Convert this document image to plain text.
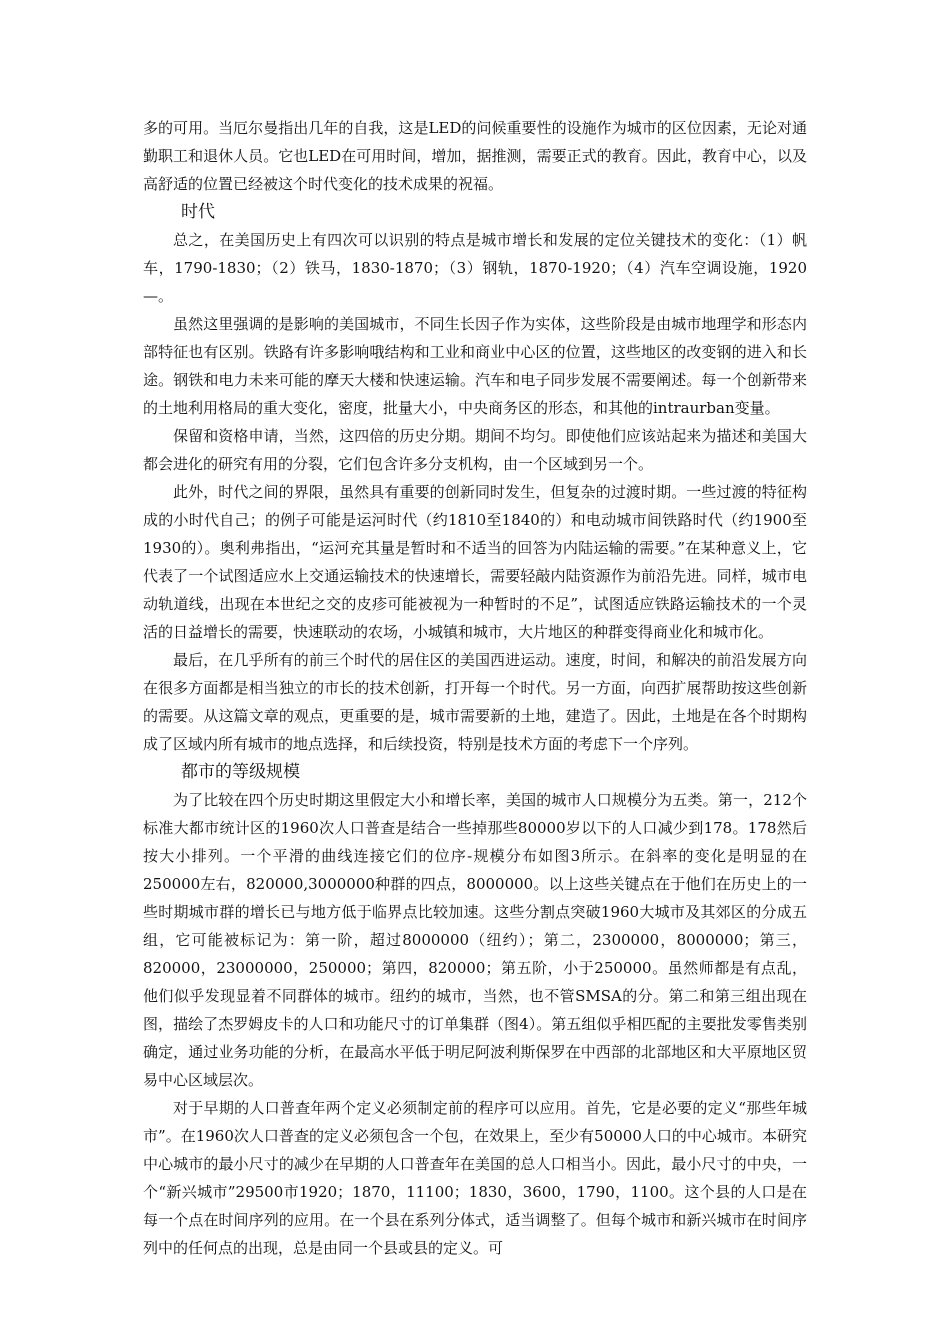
多的可用。当厄尔曼指出几年的自我，这是LED的问候重要性的设施作为城市的区位因素，无论对通勤职工和退休人员。它也LED在可用时间，增加，据推测，需要正式的教育。因此，教育中心，以及高舒适的位置已经被这个时代变化的技术成果的祝福。

时代

总之，在美国历史上有四次可以识别的特点是城市增长和发展的定位关键技术的变化：（1）帆车，1790-1830；（2）铁马，1830-1870；（3）钢轨，1870-1920；（4）汽车空调设施，1920—。

虽然这里强调的是影响的美国城市，不同生长因子作为实体，这些阶段是由城市地理学和形态内部特征也有区别。铁路有许多影响哦结构和工业和商业中心区的位置，这些地区的改变钢的进入和长途。钢铁和电力未来可能的摩天大楼和快速运输。汽车和电子同步发展不需要阐述。每一个创新带来的土地利用格局的重大变化，密度，批量大小，中央商务区的形态，和其他的intraurban变量。

保留和资格申请，当然，这四倍的历史分期。期间不均匀。即使他们应该站起来为描述和美国大都会进化的研究有用的分裂，它们包含许多分支机构，由一个区域到另一个。

此外，时代之间的界限，虽然具有重要的创新同时发生，但复杂的过渡时期。一些过渡的特征构成的小时代自己；的例子可能是运河时代（约1810至1840的）和电动城市间铁路时代（约1900至1930的）。奥利弗指出，“运河充其量是暂时和不适当的回答为内陆运输的需要。”在某种意义上，它代表了一个试图适应水上交通运输技术的快速增长，需要轻敲内陆资源作为前沿先进。同样，城市电动轨道线，出现在本世纪之交的皮疹可能被视为一种暂时的不足”，试图适应铁路运输技术的一个灵活的日益增长的需要，快速联动的农场，小城镇和城市，大片地区的种群变得商业化和城市化。

最后，在几乎所有的前三个时代的居住区的美国西进运动。速度，时间，和解决的前沿发展方向在很多方面都是相当独立的市长的技术创新，打开每一个时代。另一方面，向西扩展帮助按这些创新的需要。从这篇文章的观点，更重要的是，城市需要新的土地，建造了。因此，土地是在各个时期构成了区域内所有城市的地点选择，和后续投资，特别是技术方面的考虑下一个序列。

都市的等级规模

为了比较在四个历史时期这里假定大小和增长率，美国的城市人口规模分为五类。第一，212个标准大都市统计区的1960次人口普查是结合一些掉那些80000岁以下的人口减少到178。178然后按大小排列。一个平滑的曲线连接它们的位序-规模分布如图3所示。在斜率的变化是明显的在250000左右，820000,3000000种群的四点，8000000。以上这些关键点在于他们在历史上的一些时期城市群的增长已与地方低于临界点比较加速。这些分割点突破1960大城市及其郊区的分成五组，它可能被标记为：第一阶，超过8000000（纽约）；第二，2300000，8000000；第三，820000，23000000，250000；第四，820000；第五阶，小于250000。虽然师都是有点乱，他们似乎发现显着不同群体的城市。纽约的城市，当然，也不管SMSA的分。第二和第三组出现在图，描绘了杰罗姆皮卡的人口和功能尺寸的订单集群（图4）。第五组似乎相匹配的主要批发零售类别确定，通过业务功能的分析，在最高水平低于明尼阿波利斯保罗在中西部的北部地区和大平原地区贸易中心区域层次。

对于早期的人口普查年两个定义必须制定前的程序可以应用。首先，它是必要的定义“那些年城市”。在1960次人口普查的定义必须包含一个包，在效果上，至少有50000人口的中心城市。本研究中心城市的最小尺寸的减少在早期的人口普查年在美国的总人口相当小。因此，最小尺寸的中央，一个“新兴城市”29500市1920；1870，11100；1830，3600，1790，1100。这个县的人口是在每一个点在时间序列的应用。在一个县在系列分体式，适当调整了。但每个城市和新兴城市在时间序列中的任何点的出现，总是由同一个县或县的定义。可
